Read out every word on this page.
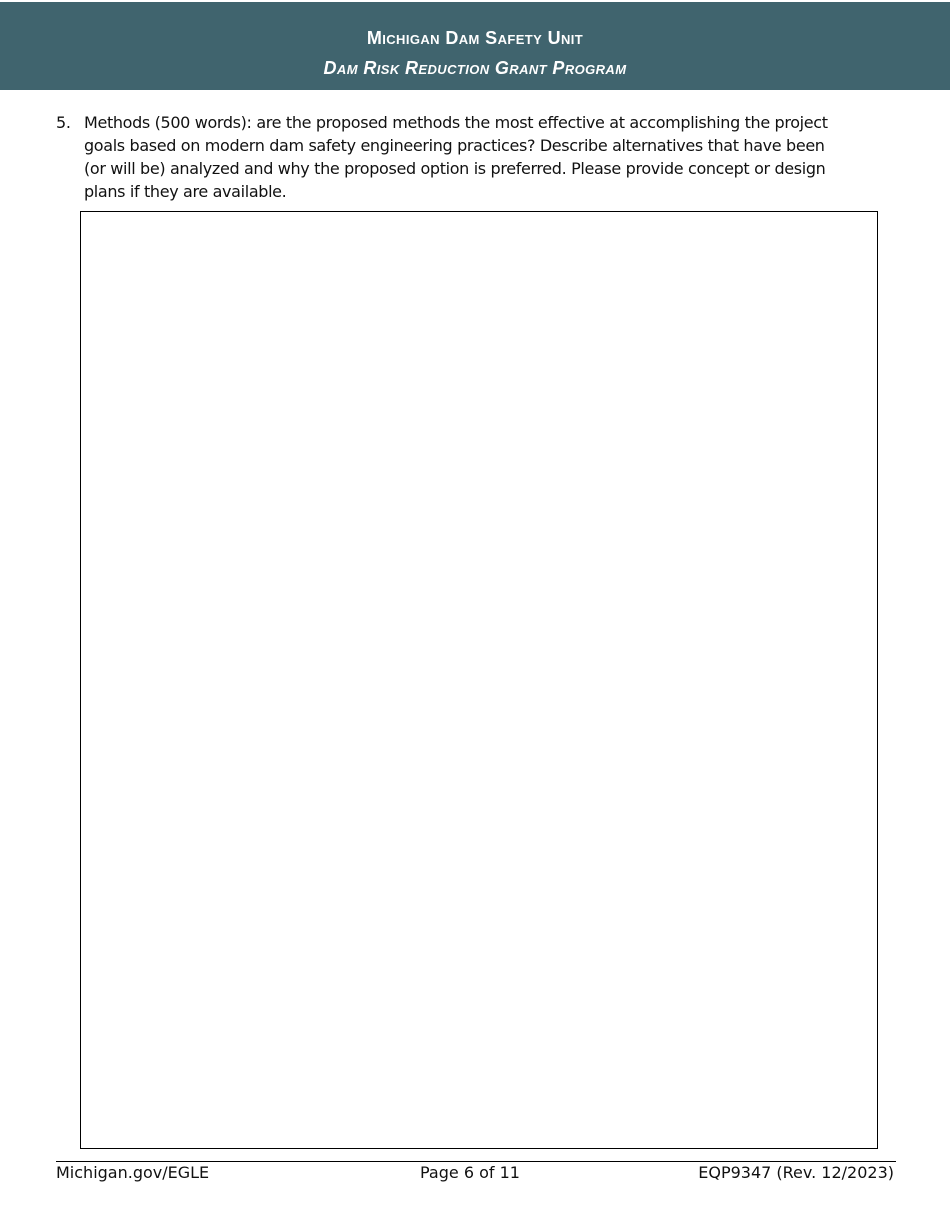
Michigan Dam Safety Unit
Dam Risk Reduction Grant Program
5. Methods (500 words): are the proposed methods the most effective at accomplishing the project
goals based on modern dam safety engineering practices? Describe alternatives that have been
(or will be) analyzed and why the proposed option is preferred. Please provide concept or design
plans if they are available.
Michigan.gov/EGLE	Page 6 of 11	EQP9347 (Rev. 12/2023)
